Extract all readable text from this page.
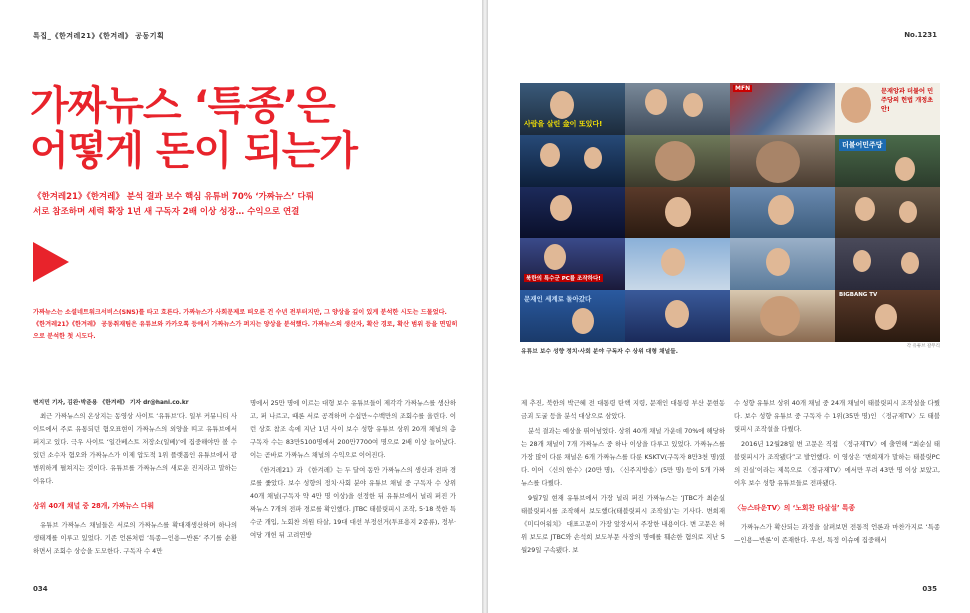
특집_《한겨레21》《한겨레》 공동기획
가짜뉴스 ‘특종’은
어떻게 돈이 되는가
《한겨레21》《한겨레》 분석 결과 보수 핵심 유튜버 70% ‘가짜뉴스’ 다뤄
서로 참조하며 세력 확장 1년 새 구독자 2배 이상 성장… 수익으로 연결
가짜뉴스는 소셜네트워크서비스(SNS)를 타고 흐른다. 가짜뉴스가 사회문제로 떠오른 건 수년 전부터지만, 그 양상을 깊이 있게 분석한 시도는 드물었다.
《한겨레21》《한겨레》 공동취재팀은 유튜브와 카카오톡 등에서 가짜뉴스가 퍼지는 양상을 분석했다. 가짜뉴스의 생산자, 확산 경로, 확산 범위 등을 면밀히
으로 분석한 첫 시도다.
변지민 기자, 김완·박준용 《한겨레》 기자 dr@hani.co.kr

최근 가짜뉴스의 온상지는 동영상 사이트 ‘유튜브’다. 일부 커뮤니티 사이트에서 주로 유통되던 혐오표현이 가짜뉴스의 외양을 띠고 유튜브에서 퍼지고 있다. 극우 사이트 ‘일간베스트 저장소(일베)’에 집중해야만 볼 수 있던 소수자 혐오와 가짜뉴스가 이제 압도적 1위 플랫폼인 유튜브에서 광범위하게 펼쳐지는 것이다. 유튜브를 가짜뉴스의 새로운 진지라고 말하는 이유다.

상위 40개 채널 중 28개, 가짜뉴스 다뤄

유튜브 가짜뉴스 채널들은 서로의 가짜뉴스를 확대재생산하며 하나의 생태계를 이루고 있었다. 기존 언론처럼 ‘특종—인용—반론’ 주기를 순환하면서 조회수 상승을 도모한다. 구독자 수 4만

명에서 25만 명에 이르는 대형 보수 유튜브들이 제각각 가짜뉴스를 생산하고, 퍼 나르고, 때론 서로 공격하며 수십만~수백만의 조회수를 올린다. 이런 상호 참조 속에 지난 1년 사이 보수 성향 유튜브 상위 20개 채널의 총 구독자 수는 83만5100명에서 200만7700여 명으로 2배 이상 늘어났다. 이는 곧바로 가짜뉴스 채널의 수익으로 이어진다.

《한겨레21》과 《한겨레》는 두 달여 동안 가짜뉴스의 생산과 전파 경로를 좇았다. 보수 성향의 정치·사회 분야 유튜브 채널 중 구독자 수 상위 40개 채널(구독자 약 4만 명 이상)을 선정한 뒤 유튜브에서 널리 퍼진 가짜뉴스 7개의 전파 경로를 확인했다. JTBC 태블릿피시 조작, 5·18 북한 특수군 개입, 노회찬 의원 타살, 19대 대선 부정선거(투표용지 2종류), 정부·여당 개헌 뒤 고려연방

034
No.1231
사람을 살린 金이 또있다!
MFN	문재앙과 더불어 민주당의 헌법 개정초안!
더불어민주당
북한의 특수군 PC를 조작하다!
문재인 세계로 돌아갔다	BIGBANG TV
유튜브 보수 성향 정치·사회 분야 구독자 수 상위 대형 채널들.
각 유튜브 갈무리

제 추진, 북한의 박근혜 전 대통령 탄핵 지령, 문재인 대통령 부산 문현동 금괴 도굴 등을 분석 대상으로 삼았다.

분석 결과는 예상을 뛰어넘었다. 상위 40개 채널 가운데 70%에 해당하는 28개 채널이 7개 가짜뉴스 중 하나 이상을 다루고 있었다. 가짜뉴스를 가장 많이 다룬 채널은 6개 가짜뉴스를 다룬 KSKTV(구독자 8만3천 명)였다. 이어 〈신의 한수〉(20만 명), 〈신주지방송〉(5만 명) 등이 5개 가짜뉴스를 다뤘다.

9월7일 현재 유튜브에서 가장 널리 퍼진 가짜뉴스는 ‘JTBC가 최순실 태블릿피시를 조작해서 보도했다(태블릿피시 조작설)’는 기사다. 변희재 《미디어워치》 대표고문이 가장 앞장서서 주장한 내용이다. 변 고문은 허위 보도로 JTBC와 손석희 보도부문 사장의 명예를 훼손한 혐의로 지난 5월29일 구속됐다. 보

수 성향 유튜브 상위 40개 채널 중 24개 채널이 태블릿피시 조작설을 다뤘다. 보수 성향 유튜브 중 구독자 수 1위(35만 명)인 〈정규재TV〉도 태블릿피시 조작설을 다뤘다.

2016년 12월28일 변 고문은 직접 〈정규재TV〉에 출연해 “최순실 태블릿피시가 조작됐다”고 발언했다. 이 영상은 ‘변희재가 말하는 태블릿PC의 진실’이라는 제목으로 〈정규재TV〉에서만 무려 43만 명 이상 보았고, 이후 보수 성향 유튜브들로 전파됐다.

〈뉴스타운TV〉의 ‘노회찬 타살설’ 특종

가짜뉴스가 확산되는 과정을 살펴보면 전통적 언론과 마찬가지로 ‘특종—인용—반론’이 존재한다. 우선, 특정 이슈에 집중해서

035
